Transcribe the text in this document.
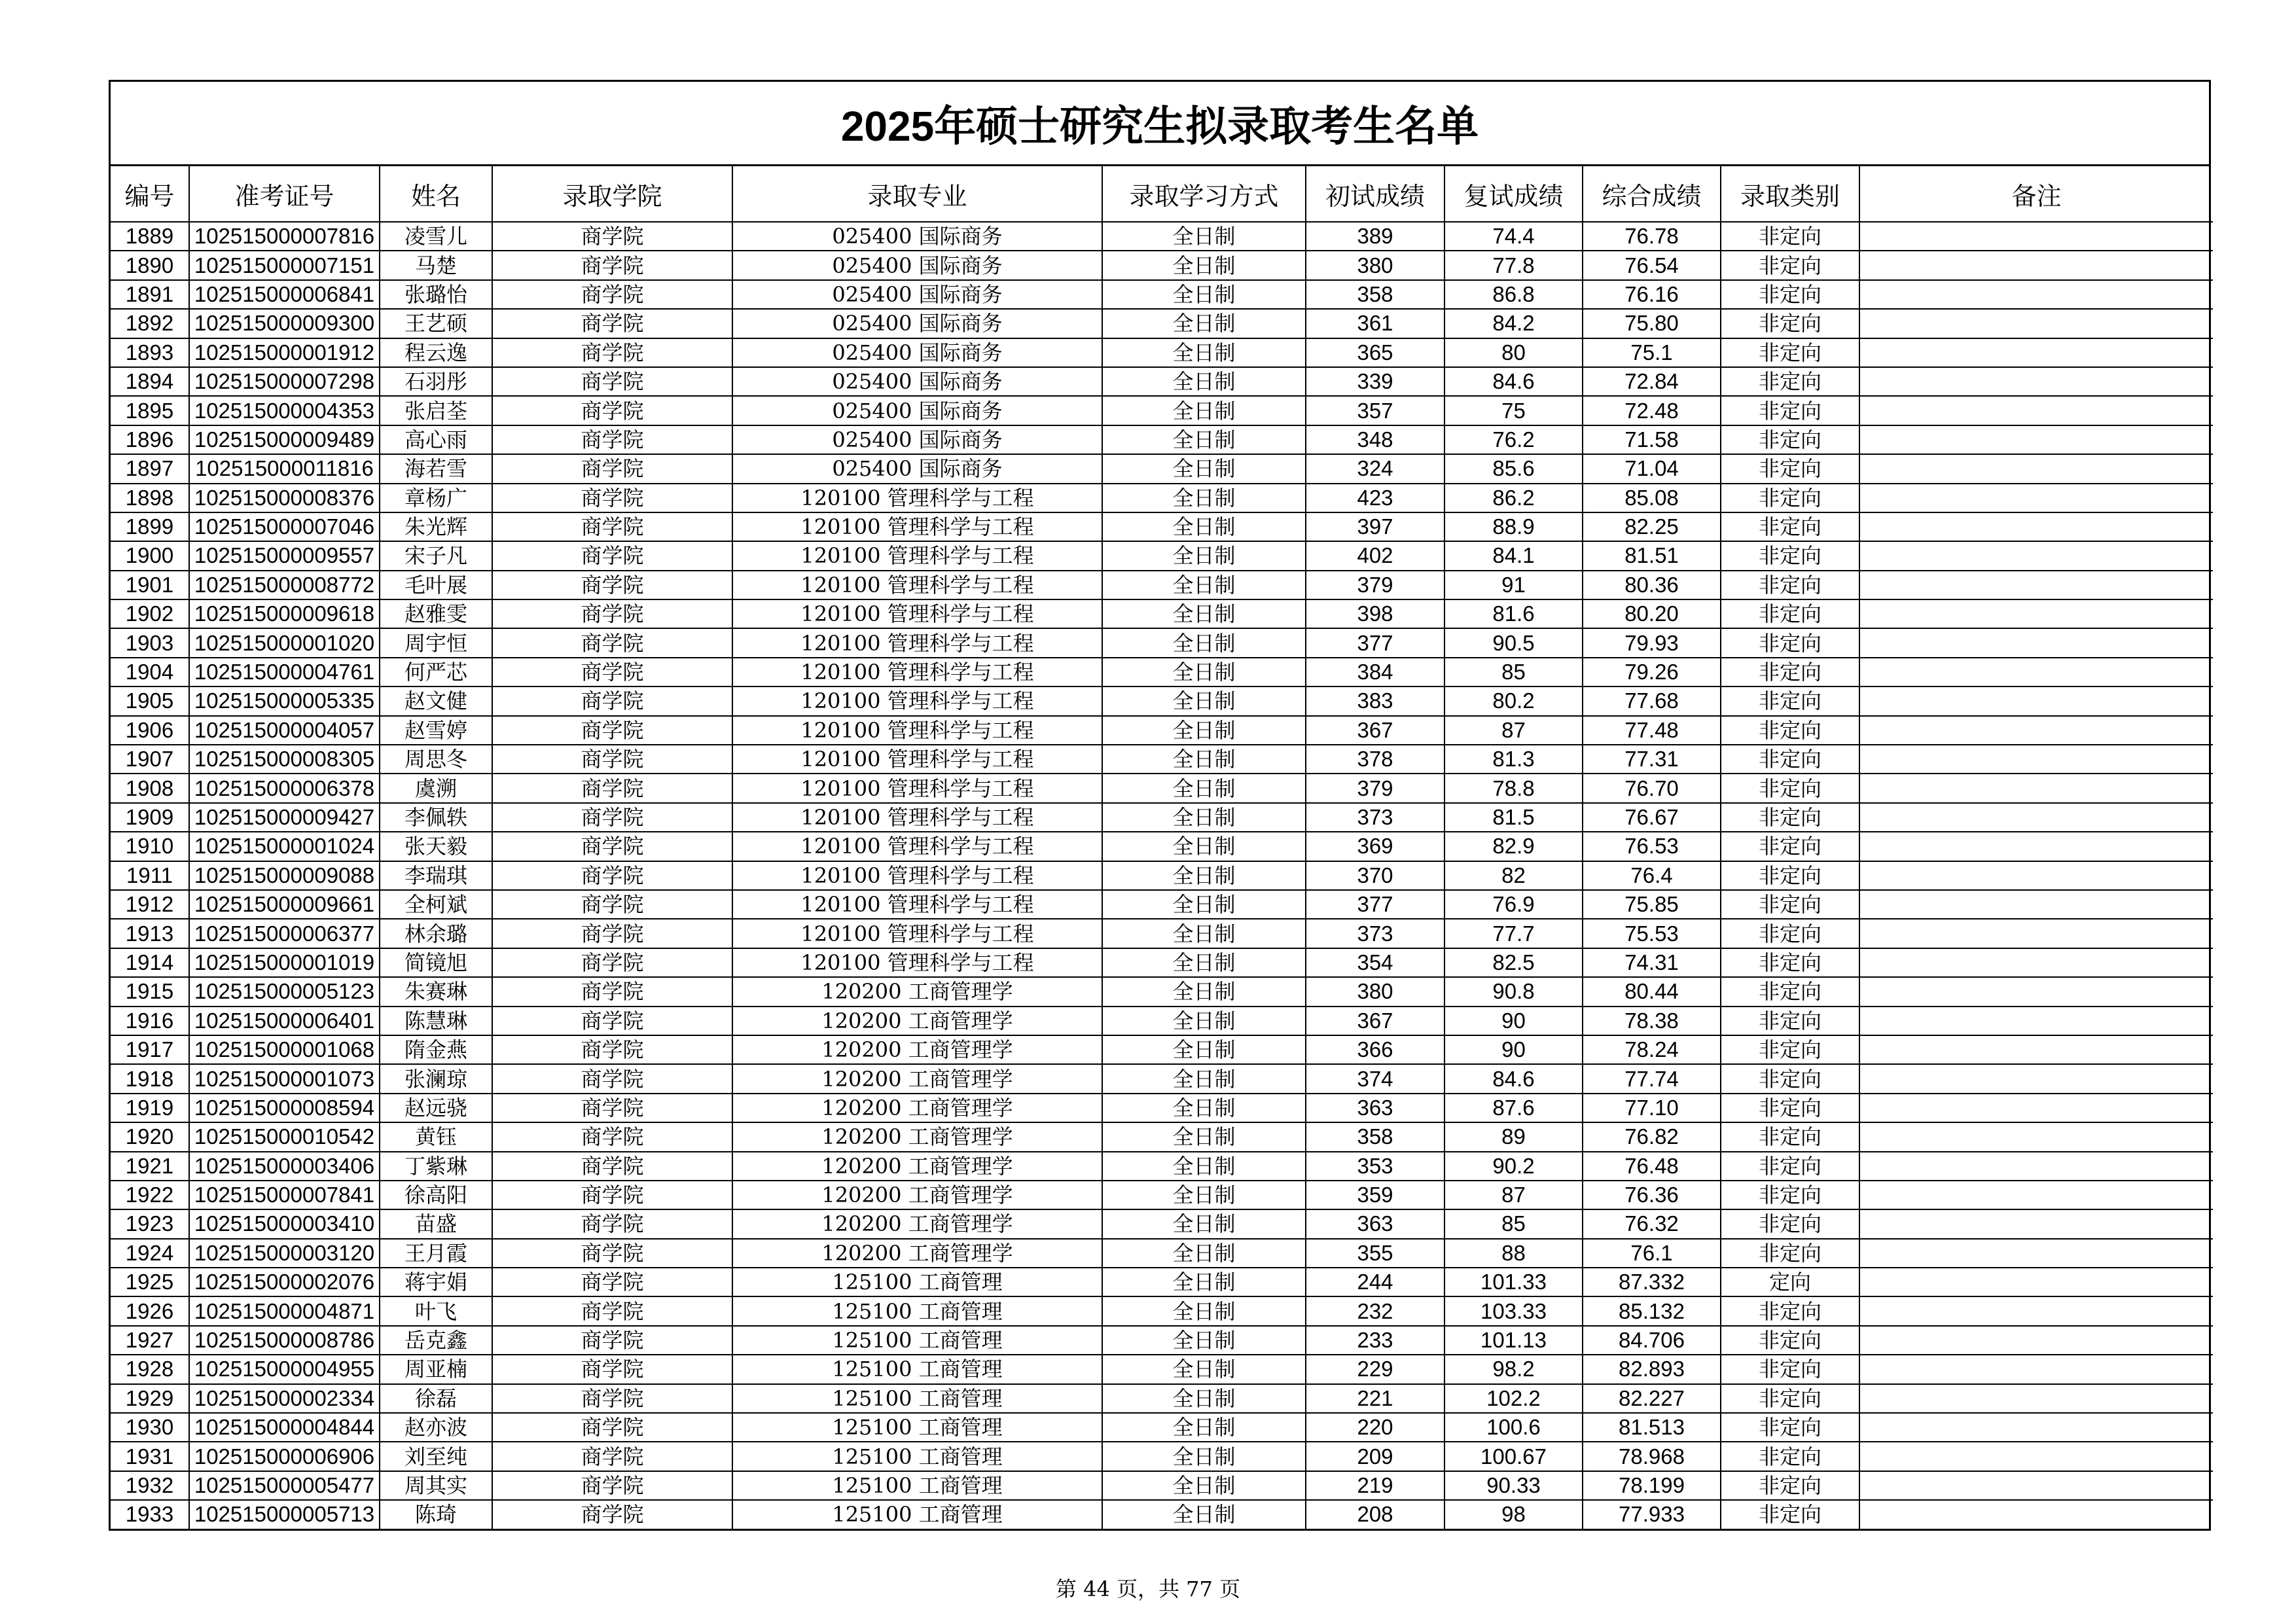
2025年硕士研究生拟录取考生名单
编号	准考证号	姓名	录取学院	录取专业	录取学习方式	初试成绩	复试成绩	综合成绩	录取类别	备注
1889	102515000007816	凌雪儿	商学院	025400 国际商务	全日制	389	74.4	76.78	非定向	
1890	102515000007151	马楚	商学院	025400 国际商务	全日制	380	77.8	76.54	非定向	
1891	102515000006841	张璐怡	商学院	025400 国际商务	全日制	358	86.8	76.16	非定向	
1892	102515000009300	王艺硕	商学院	025400 国际商务	全日制	361	84.2	75.80	非定向	
1893	102515000001912	程云逸	商学院	025400 国际商务	全日制	365	80	75.1	非定向	
1894	102515000007298	石羽彤	商学院	025400 国际商务	全日制	339	84.6	72.84	非定向	
1895	102515000004353	张启荃	商学院	025400 国际商务	全日制	357	75	72.48	非定向	
1896	102515000009489	高心雨	商学院	025400 国际商务	全日制	348	76.2	71.58	非定向	
1897	102515000011816	海若雪	商学院	025400 国际商务	全日制	324	85.6	71.04	非定向	
1898	102515000008376	章杨广	商学院	120100 管理科学与工程	全日制	423	86.2	85.08	非定向	
1899	102515000007046	朱光辉	商学院	120100 管理科学与工程	全日制	397	88.9	82.25	非定向	
1900	102515000009557	宋子凡	商学院	120100 管理科学与工程	全日制	402	84.1	81.51	非定向	
1901	102515000008772	毛叶展	商学院	120100 管理科学与工程	全日制	379	91	80.36	非定向	
1902	102515000009618	赵雅雯	商学院	120100 管理科学与工程	全日制	398	81.6	80.20	非定向	
1903	102515000001020	周宇恒	商学院	120100 管理科学与工程	全日制	377	90.5	79.93	非定向	
1904	102515000004761	何严芯	商学院	120100 管理科学与工程	全日制	384	85	79.26	非定向	
1905	102515000005335	赵文健	商学院	120100 管理科学与工程	全日制	383	80.2	77.68	非定向	
1906	102515000004057	赵雪婷	商学院	120100 管理科学与工程	全日制	367	87	77.48	非定向	
1907	102515000008305	周思冬	商学院	120100 管理科学与工程	全日制	378	81.3	77.31	非定向	
1908	102515000006378	虞溯	商学院	120100 管理科学与工程	全日制	379	78.8	76.70	非定向	
1909	102515000009427	李佩轶	商学院	120100 管理科学与工程	全日制	373	81.5	76.67	非定向	
1910	102515000001024	张天毅	商学院	120100 管理科学与工程	全日制	369	82.9	76.53	非定向	
1911	102515000009088	李瑞琪	商学院	120100 管理科学与工程	全日制	370	82	76.4	非定向	
1912	102515000009661	全柯斌	商学院	120100 管理科学与工程	全日制	377	76.9	75.85	非定向	
1913	102515000006377	林余璐	商学院	120100 管理科学与工程	全日制	373	77.7	75.53	非定向	
1914	102515000001019	简镜旭	商学院	120100 管理科学与工程	全日制	354	82.5	74.31	非定向	
1915	102515000005123	朱赛琳	商学院	120200 工商管理学	全日制	380	90.8	80.44	非定向	
1916	102515000006401	陈慧琳	商学院	120200 工商管理学	全日制	367	90	78.38	非定向	
1917	102515000001068	隋金燕	商学院	120200 工商管理学	全日制	366	90	78.24	非定向	
1918	102515000001073	张澜琼	商学院	120200 工商管理学	全日制	374	84.6	77.74	非定向	
1919	102515000008594	赵远骁	商学院	120200 工商管理学	全日制	363	87.6	77.10	非定向	
1920	102515000010542	黄钰	商学院	120200 工商管理学	全日制	358	89	76.82	非定向	
1921	102515000003406	丁紫琳	商学院	120200 工商管理学	全日制	353	90.2	76.48	非定向	
1922	102515000007841	徐高阳	商学院	120200 工商管理学	全日制	359	87	76.36	非定向	
1923	102515000003410	苗盛	商学院	120200 工商管理学	全日制	363	85	76.32	非定向	
1924	102515000003120	王月霞	商学院	120200 工商管理学	全日制	355	88	76.1	非定向	
1925	102515000002076	蒋宇娟	商学院	125100 工商管理	全日制	244	101.33	87.332	定向	
1926	102515000004871	叶飞	商学院	125100 工商管理	全日制	232	103.33	85.132	非定向	
1927	102515000008786	岳克鑫	商学院	125100 工商管理	全日制	233	101.13	84.706	非定向	
1928	102515000004955	周亚楠	商学院	125100 工商管理	全日制	229	98.2	82.893	非定向	
1929	102515000002334	徐磊	商学院	125100 工商管理	全日制	221	102.2	82.227	非定向	
1930	102515000004844	赵亦波	商学院	125100 工商管理	全日制	220	100.6	81.513	非定向	
1931	102515000006906	刘至纯	商学院	125100 工商管理	全日制	209	100.67	78.968	非定向	
1932	102515000005477	周其实	商学院	125100 工商管理	全日制	219	90.33	78.199	非定向	
1933	102515000005713	陈琦	商学院	125100 工商管理	全日制	208	98	77.933	非定向	
第 44 页，共 77 页
